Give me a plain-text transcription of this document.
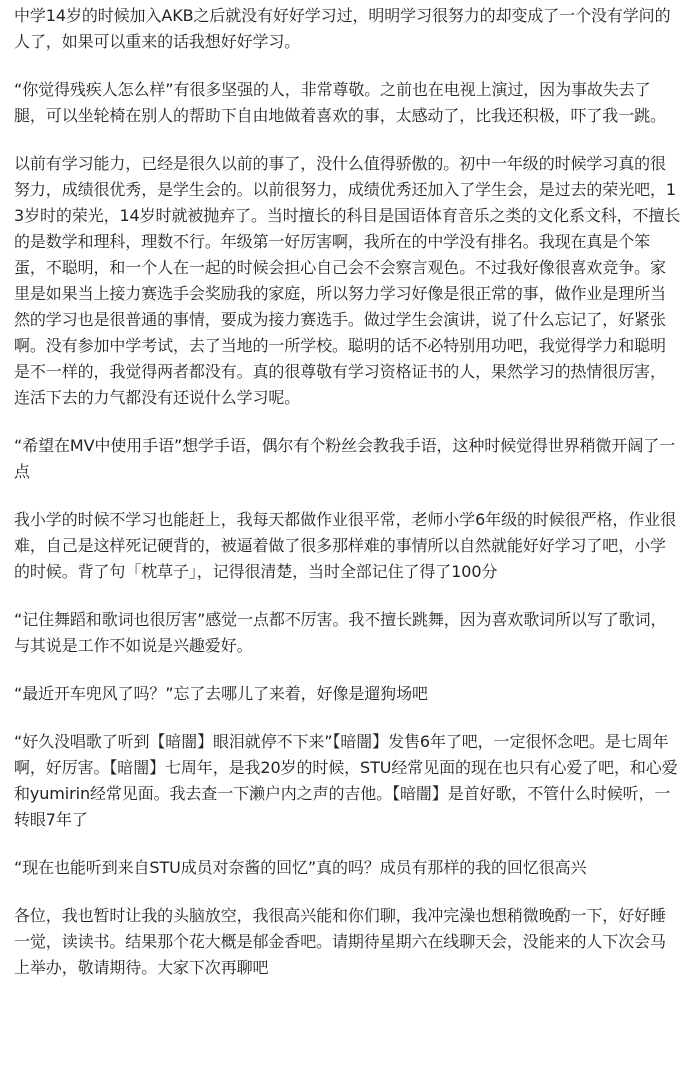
中学14岁的时候加入AKB之后就没有好好学习过，明明学习很努力的却变成了一个没有学问的人了，如果可以重来的话我想好好学习。

“你觉得残疾人怎么样”有很多坚强的人，非常尊敬。之前也在电视上演过，因为事故失去了腿，可以坐轮椅在别人的帮助下自由地做着喜欢的事，太感动了，比我还积极，吓了我一跳。

以前有学习能力，已经是很久以前的事了，没什么值得骄傲的。初中一年级的时候学习真的很努力，成绩很优秀，是学生会的。以前很努力，成绩优秀还加入了学生会，是过去的荣光吧，13岁时的荣光，14岁时就被抛弃了。当时擅长的科目是国语体育音乐之类的文化系文科，不擅长的是数学和理科，理数不行。年级第一好厉害啊，我所在的中学没有排名。我现在真是个笨蛋，不聪明，和一个人在一起的时候会担心自己会不会察言观色。不过我好像很喜欢竞争。家里是如果当上接力赛选手会奖励我的家庭，所以努力学习好像是很正常的事，做作业是理所当然的学习也是很普通的事情，要成为接力赛选手。做过学生会演讲，说了什么忘记了，好紧张啊。没有参加中学考试，去了当地的一所学校。聪明的话不必特别用功吧，我觉得学力和聪明是不一样的，我觉得两者都没有。真的很尊敬有学习资格证书的人，果然学习的热情很厉害，连活下去的力气都没有还说什么学习呢。

“希望在MV中使用手语”想学手语，偶尔有个粉丝会教我手语，这种时候觉得世界稍微开阔了一点

我小学的时候不学习也能赶上，我每天都做作业很平常，老师小学6年级的时候很严格，作业很难，自己是这样死记硬背的，被逼着做了很多那样难的事情所以自然就能好好学习了吧，小学的时候。背了句「枕草子」，记得很清楚，当时全部记住了得了100分

“记住舞蹈和歌词也很厉害”感觉一点都不厉害。我不擅长跳舞，因为喜欢歌词所以写了歌词，与其说是工作不如说是兴趣爱好。

“最近开车兜风了吗？”忘了去哪儿了来着，好像是遛狗场吧

“好久没唱歌了听到【暗闇】眼泪就停不下来”【暗闇】发售6年了吧，一定很怀念吧。是七周年啊，好厉害。【暗闇】七周年，是我20岁的时候，STU经常见面的现在也只有心爱了吧，和心爱和yumirin经常见面。我去查一下濑户内之声的吉他。【暗闇】是首好歌，不管什么时候听，一转眼7年了

“现在也能听到来自STU成员对奈酱的回忆”真的吗？成员有那样的我的回忆很高兴

各位，我也暂时让我的头脑放空，我很高兴能和你们聊，我冲完澡也想稍微晚酌一下，好好睡一觉，读读书。结果那个花大概是郁金香吧。请期待星期六在线聊天会，没能来的人下次会马上举办，敬请期待。大家下次再聊吧
